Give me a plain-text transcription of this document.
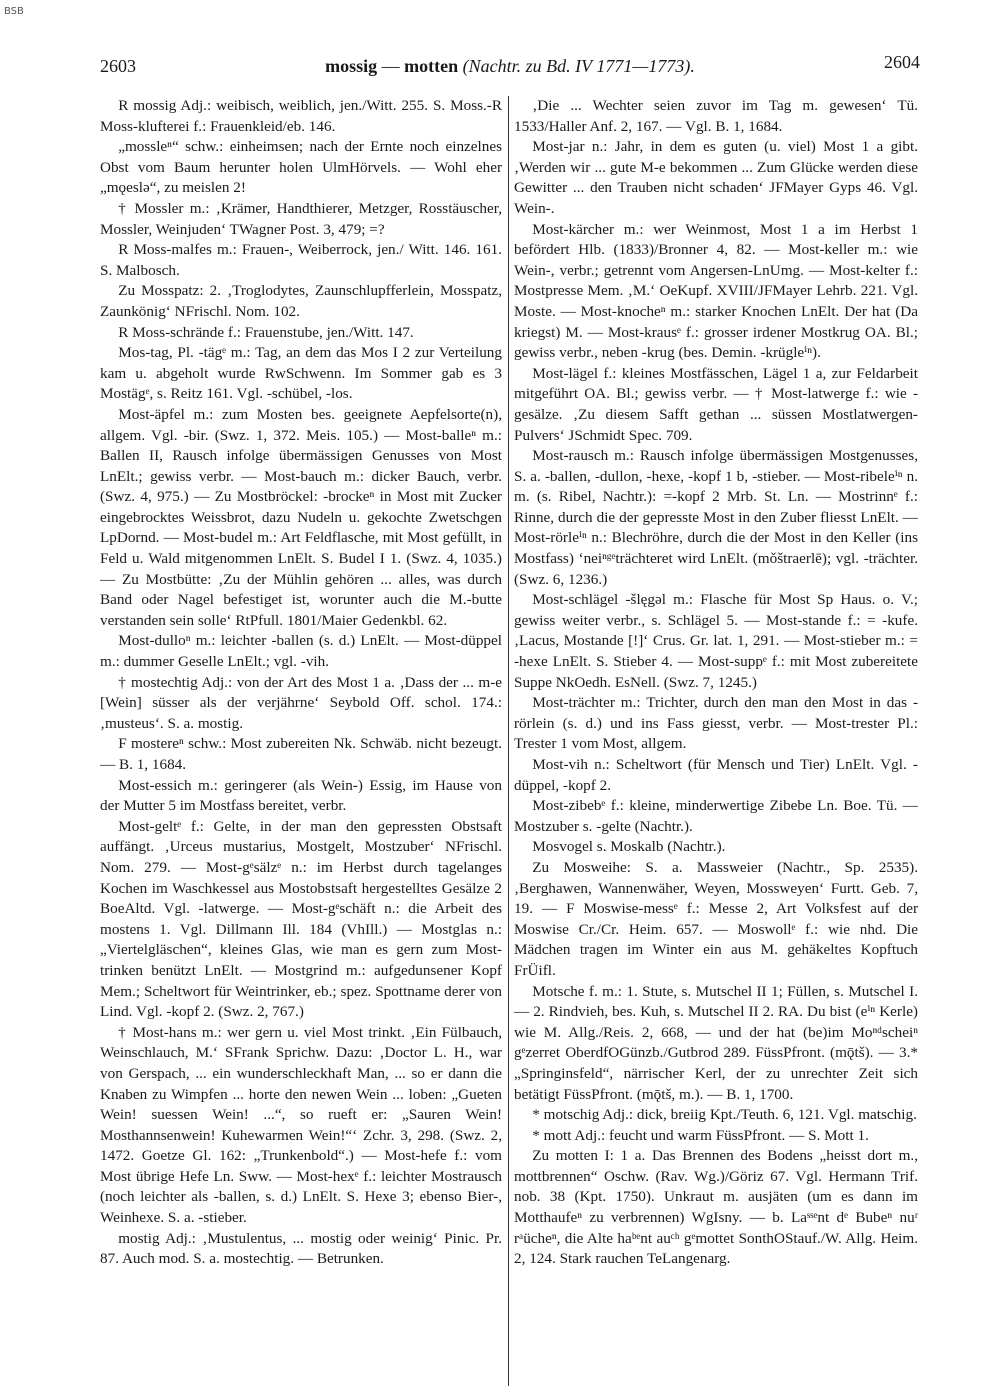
BSB
2603	mossig — motten (Nachtr. zu Bd. IV 1771—1773).	2604

R mossig Adj.: weibisch, weiblich, jen./Witt. 255. S. Moss.-R Moss-klufterei f.: Frauenkleid/eb. 146.

„mossleⁿ“ schw.: einheimsen; nach der Ernte noch einzelnes Obst vom Baum herunter holen UlmHörvels. — Wohl eher „mǫeslə“, zu meislen 2!

† Mossler m.: ‚Krämer, Handthierer, Metzger, Rosstäuscher, Mossler, Weinjuden‘ TWagner Post. 3, 479; =?

R Moss-malfes m.: Frauen-, Weiberrock, jen./ Witt. 146. 161. S. Malbosch.

Zu Mosspatz: 2. ‚Troglodytes, Zaunschlupfferlein, Mosspatz, Zaunkönig‘ NFrischl. Nom. 102.

R Moss-schrände f.: Frauenstube, jen./Witt. 147.

Mos-tag, Pl. -tägᵉ m.: Tag, an dem das Mos I 2 zur Verteilung kam u. abgeholt wurde RwSchwenn. Im Sommer gab es 3 Mostägᵉ, s. Reitz 161. Vgl. -schübel, -los.

Most-äpfel m.: zum Mosten bes. geeignete Aepfelsorte(n), allgem. Vgl. -bir. (Swz. 1, 372. Meis. 105.) — Most-balleⁿ m.: Ballen II, Rausch infolge übermässigen Genusses von Most LnElt.; gewiss verbr. — Most-bauch m.: dicker Bauch, verbr. (Swz. 4, 975.) — Zu Mostbröckel: -brockeⁿ in Most mit Zucker eingebrocktes Weissbrot, dazu Nudeln u. gekochte Zwetschgen LpDornd. — Most-budel m.: Art Feldflasche, mit Most gefüllt, in Feld u. Wald mitgenommen LnElt. S. Budel I 1. (Swz. 4, 1035.) — Zu Mostbütte: ‚Zu der Mühlin gehören ... alles, was durch Band oder Nagel befestiget ist, worunter auch die M.-butte verstanden sein solle‘ RtPfull. 1801/Maier Gedenkbl. 62.

Most-dulloⁿ m.: leichter -ballen (s. d.) LnElt. — Most-düppel m.: dummer Geselle LnElt.; vgl. -vih.

† mostechtig Adj.: von der Art des Most 1 a. ‚Dass der ... m-e [Wein] süsser als der verjährne‘ Seybold Off. schol. 174.: ‚musteus‘. S. a. mostig.

F mostereⁿ schw.: Most zubereiten Nk. Schwäb. nicht bezeugt. — B. 1, 1684.

Most-essich m.: geringerer (als Wein-) Essig, im Hause von der Mutter 5 im Mostfass bereitet, verbr.

Most-geltᵉ f.: Gelte, in der man den gepressten Obstsaft auffängt. ‚Urceus mustarius, Mostgelt, Mostzuber‘ NFrischl. Nom. 279. — Most-gᵉsälzᵉ n.: im Herbst durch tagelanges Kochen im Waschkessel aus Mostobstsaft hergestelltes Gesälze 2 BoeAltd. Vgl. -latwerge. — Most-gᵉschäft n.: die Arbeit des mostens 1. Vgl. Dillmann Ill. 184 (VhIll.) — Mostglas n.: „Viertelgläschen“, kleines Glas, wie man es gern zum Most-trinken benützt LnElt. — Mostgrind m.: aufgedunsener Kopf Mem.; Scheltwort für Weintrinker, eb.; spez. Spottname derer von Lind. Vgl. -kopf 2. (Swz. 2, 767.)

† Most-hans m.: wer gern u. viel Most trinkt. ‚Ein Fülbauch, Weinschlauch, M.‘ SFrank Sprichw. Dazu: ‚Doctor L. H., war von Gerspach, ... ein wunderschleckhaft Man, ... so er dann die Knaben zu Wimpfen ... horte den newen Wein ... loben: „Gueten Wein! suessen Wein! ...“, so rueft er: „Sauren Wein! Mosthannsenwein! Kuhewarmen Wein!“‘ Zchr. 3, 298. (Swz. 2, 1472. Goetze Gl. 162: „Trunkenbold“.) — Most-hefe f.: vom Most übrige Hefe Ln. Sww. — Most-hexᵉ f.: leichter Mostrausch (noch leichter als -ballen, s. d.) LnElt. S. Hexe 3; ebenso Bier-, Weinhexe. S. a. -stieber.

mostig Adj.: ‚Mustulentus, ... mostig oder weinig‘ Pinic. Pr. 87. Auch mod. S. a. mostechtig. — Betrunken.

‚Die ... Wechter seien zuvor im Tag m. gewesen‘ Tü. 1533/Haller Anf. 2, 167. — Vgl. B. 1, 1684.

Most-jar n.: Jahr, in dem es guten (u. viel) Most 1 a gibt. ‚Werden wir ... gute M-e bekommen ... Zum Glücke werden diese Gewitter ... den Trauben nicht schaden‘ JFMayer Gyps 46. Vgl. Wein-.

Most-kärcher m.: wer Weinmost, Most 1 a im Herbst 1 befördert Hlb. (1833)/Bronner 4, 82. — Most-keller m.: wie Wein-, verbr.; getrennt vom Angersen-LnUmg. — Most-kelter f.: Mostpresse Mem. ‚M.‘ OeKupf. XVIII/JFMayer Lehrb. 221. Vgl. Moste. — Most-knocheⁿ m.: starker Knochen LnElt. Der hat (Da kriegst) M. — Most-krausᵉ f.: grosser irdener Mostkrug OA. Bl.; gewiss verbr., neben -krug (bes. Demin. -krügleⁱⁿ).

Most-lägel f.: kleines Mostfässchen, Lägel 1 a, zur Feldarbeit mitgeführt OA. Bl.; gewiss verbr. — † Most-latwerge f.: wie -gesälze. ‚Zu diesem Safft gethan ... süssen Mostlatwergen-Pulvers‘ JSchmidt Spec. 709.

Most-rausch m.: Rausch infolge übermässigen Mostgenusses, S. a. -ballen, -dullon, -hexe, -kopf 1 b, -stieber. — Most-ribeleⁱⁿ n. m. (s. Ribel, Nachtr.): =-kopf 2 Mrb. St. Ln. — Mostrinnᵉ f.: Rinne, durch die der gepresste Most in den Zuber fliesst LnElt. — Most-rörleⁱⁿ n.: Blechröhre, durch die der Most in den Keller (ins Mostfass) ‘neiⁿᵍᵉträchteret wird LnElt. (mǒštraerlē); vgl. -trächter. (Swz. 6, 1236.)

Most-schlägel -šlęgəl m.: Flasche für Most Sp Haus. o. V.; gewiss weiter verbr., s. Schlägel 5. — Most-stande f.: = -kufe. ‚Lacus, Mostande [!]‘ Crus. Gr. lat. 1, 291. — Most-stieber m.: = -hexe LnElt. S. Stieber 4. — Most-suppᵉ f.: mit Most zubereitete Suppe NkOedh. EsNell. (Swz. 7, 1245.)

Most-trächter m.: Trichter, durch den man den Most in das -rörlein (s. d.) und ins Fass giesst, verbr. — Most-trester Pl.: Trester 1 vom Most, allgem.

Most-vih n.: Scheltwort (für Mensch und Tier) LnElt. Vgl. -düppel, -kopf 2.

Most-zibebᵉ f.: kleine, minderwertige Zibebe Ln. Boe. Tü. — Mostzuber s. -gelte (Nachtr.).

Mosvogel s. Moskalb (Nachtr.).

Zu Mosweihe: S. a. Massweier (Nachtr., Sp. 2535). ‚Berghawen, Wannenwäher, Weyen, Mossweyen‘ Furtt. Geb. 7, 19. — F Moswise-messᵉ f.: Messe 2, Art Volksfest auf der Moswise Cr./Cr. Heim. 657. — Moswollᵉ f.: wie nhd. Die Mädchen tragen im Winter ein aus M. gehäkeltes Kopftuch FrÜifl.

Motsche f. m.: 1. Stute, s. Mutschel II 1; Füllen, s. Mutschel I. — 2. Rindvieh, bes. Kuh, s. Mutschel II 2. RA. Du bist (eⁱⁿ Kerle) wie M. Allg./Reis. 2, 668, — und der hat (be)im Moⁿᵈscheiⁿ gᵉzerret OberdfOGünzb./Gutbrod 289. FüssPfront. (mǭtš). — 3.* „Springinsfeld“, närrischer Kerl, der zu unrechter Zeit sich betätigt FüssPfront. (mǭtš, m.). — B. 1, 1700.

* motschig Adj.: dick, breiig Kpt./Teuth. 6, 121. Vgl. matschig.

* mott Adj.: feucht und warm FüssPfront. — S. Mott 1.

Zu motten I: 1 a. Das Brennen des Bodens „heisst dort m., mottbrennen“ Oschw. (Rav. Wg.)/Göriz 67. Vgl. Hermann Trif. nob. 38 (Kpt. 1750). Unkraut m. ausjäten (um es dann im Motthaufeⁿ zu verbrennen) WgIsny. — b. Laˢˢᵉnt dᵉ Bubeⁿ nuʳ rᵃücheⁿ, die Alte haᵇᵉnt auᶜʰ gᵉmottet SonthOStauf./W. Allg. Heim. 2, 124. Stark rauchen TeLangenarg.
